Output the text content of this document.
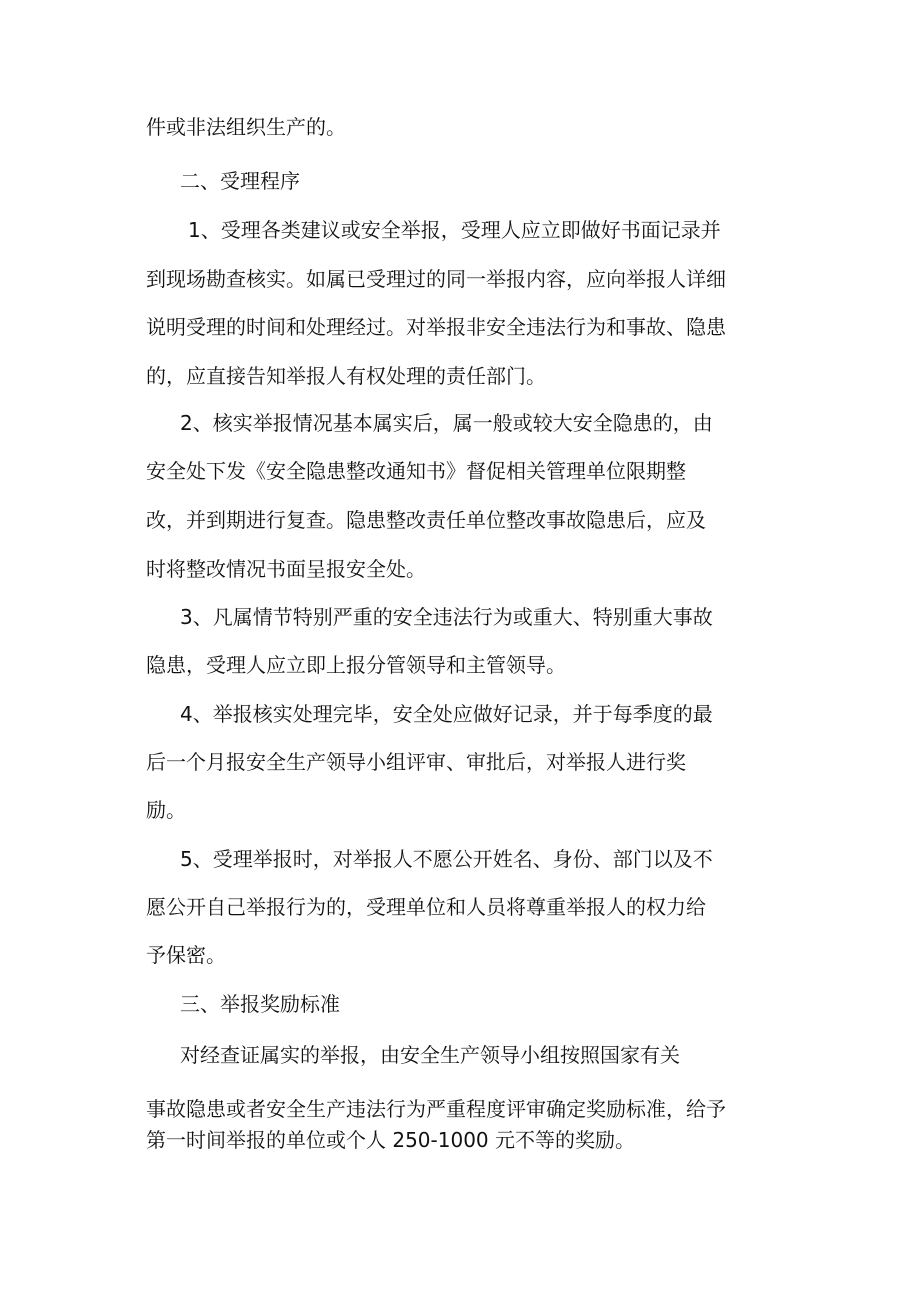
件或非法组织生产的。
二、受理程序
1、受理各类建议或安全举报，受理人应立即做好书面记录并
到现场勘查核实。如属已受理过的同一举报内容，应向举报人详细
说明受理的时间和处理经过。对举报非安全违法行为和事故、隐患
的，应直接告知举报人有权处理的责任部门。
2、核实举报情况基本属实后，属一般或较大安全隐患的，由
安全处下发《安全隐患整改通知书》督促相关管理单位限期整
改，并到期进行复查。隐患整改责任单位整改事故隐患后，应及
时将整改情况书面呈报安全处。
3、凡属情节特别严重的安全违法行为或重大、特别重大事故
隐患，受理人应立即上报分管领导和主管领导。
4、举报核实处理完毕，安全处应做好记录，并于每季度的最
后一个月报安全生产领导小组评审、审批后，对举报人进行奖
励。
5、受理举报时，对举报人不愿公开姓名、身份、部门以及不
愿公开自己举报行为的，受理单位和人员将尊重举报人的权力给
予保密。
三、举报奖励标准
对经查证属实的举报，由安全生产领导小组按照国家有关
事故隐患或者安全生产违法行为严重程度评审确定奖励标准，给予
第一时间举报的单位或个人 250-1000 元不等的奖励。
